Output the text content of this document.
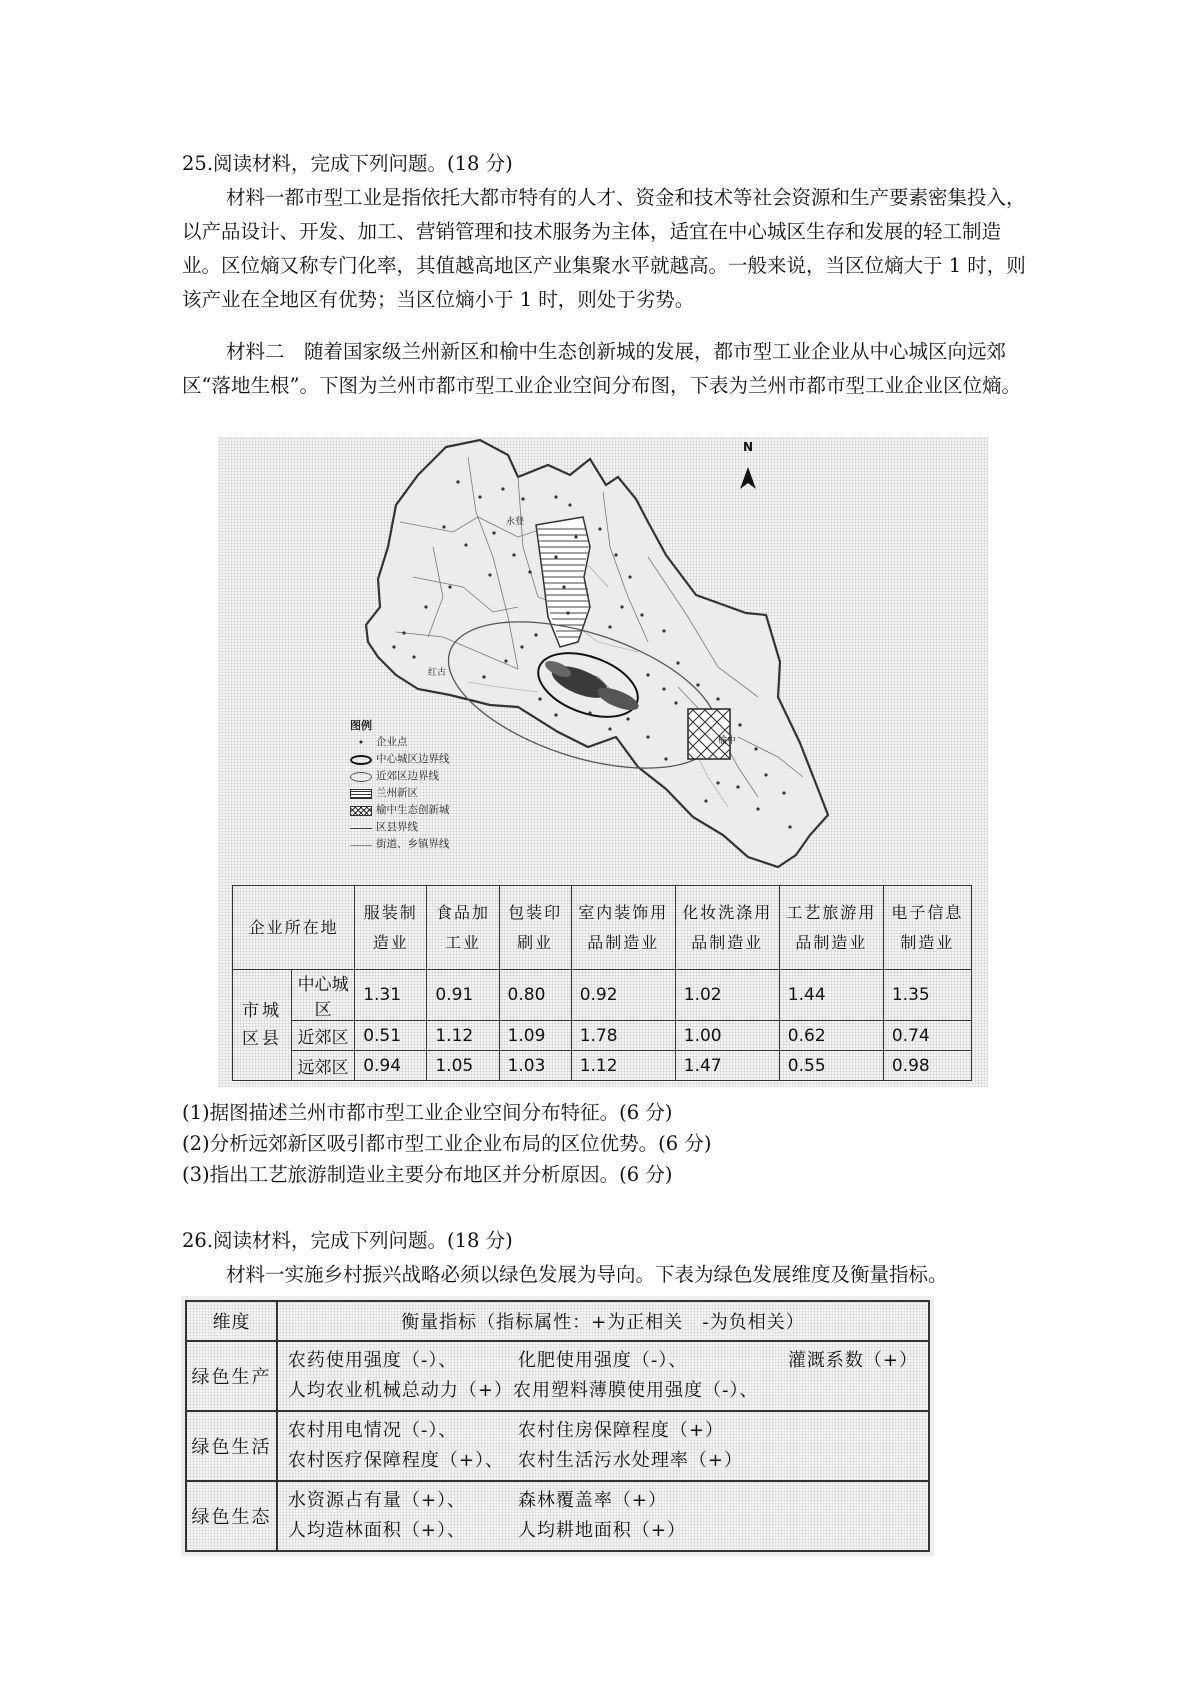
25.阅读材料，完成下列问题。(18 分)
材料一都市型工业是指依托大都市特有的人才、资金和技术等社会资源和生产要素密集投入，以产品设计、开发、加工、营销管理和技术服务为主体，适宜在中心城区生存和发展的轻工制造业。区位熵又称专门化率，其值越高地区产业集聚水平就越高。一般来说，当区位熵大于 1 时，则该产业在全地区有优势；当区位熵小于 1 时，则处于劣势。
材料二　随着国家级兰州新区和榆中生态创新城的发展，都市型工业企业从中心城区向远郊区“落地生根”。下图为兰州市都市型工业企业空间分布图，下表为兰州市都市型工业企业区位熵。
N
永登
红古
榆中
图例
•	企业点
中心城区边界线
近郊区边界线
兰州新区
榆中生态创新城
区县界线
街道、乡镇界线
企业所在地		服装制造业	食品加工业	包装印刷业	室内装饰用品制造业	化妆洗涤用品制造业	工艺旅游用品制造业	电子信息制造业
市城区县	中心城区	1.31	0.91	0.80	0.92	1.02	1.44	1.35
	近郊区	0.51	1.12	1.09	1.78	1.00	0.62	0.74
	远郊区	0.94	1.05	1.03	1.12	1.47	0.55	0.98
(1)据图描述兰州市都市型工业企业空间分布特征。(6 分)
(2)分析远郊新区吸引都市型工业企业布局的区位优势。(6 分)
(3)指出工艺旅游制造业主要分布地区并分析原因。(6 分)
26.阅读材料，完成下列问题。(18 分)
材料一实施乡村振兴战略必须以绿色发展为导向。下表为绿色发展维度及衡量指标。
维度	衡量指标（指标属性：+为正相关　-为负相关）
绿色生产	农药使用强度（-）、 化肥使用强度（-）、 灌溉系数（+）
人均农业机械总动力（+） 农用塑料薄膜使用强度（-）、

绿色生活	农村用电情况（-）、 农村住房保障程度（+）
农村医疗保障程度（+）、 农村生活污水处理率（+）

绿色生态	水资源占有量（+）、 森林覆盖率（+）
人均造林面积（+）、 人均耕地面积（+）
